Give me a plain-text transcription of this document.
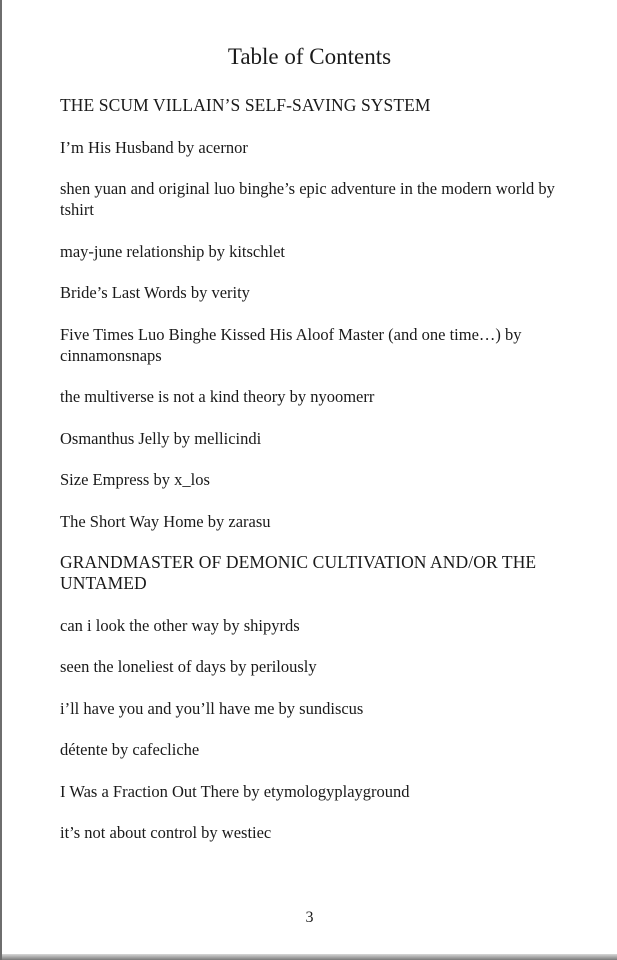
Table of Contents
THE SCUM VILLAIN’S SELF-SAVING SYSTEM
I’m His Husband by acernor
shen yuan and original luo binghe’s epic adventure in the modern world by tshirt
may-june relationship by kitschlet
Bride’s Last Words by verity
Five Times Luo Binghe Kissed His Aloof Master (and one time…) by cinnamonsnaps
the multiverse is not a kind theory by nyoomerr
Osmanthus Jelly by mellicindi
Size Empress by x_los
The Short Way Home by zarasu
GRANDMASTER OF DEMONIC CULTIVATION AND/OR THE UNTAMED
can i look the other way by shipyrds
seen the loneliest of days by perilously
i’ll have you and you’ll have me by sundiscus
détente by cafecliche
I Was a Fraction Out There by etymologyplayground
it’s not about control by westiec
3
